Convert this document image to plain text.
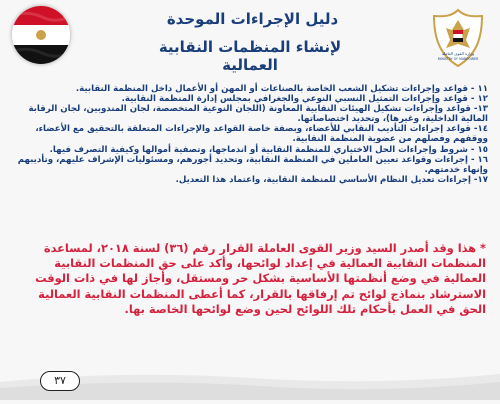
دليل الإجراءات الموحدة
لإنشاء المنظمات النقابية العمالية
وزارة القوى العاملة
MINISTRY OF MANPOWER

١١ - قواعد وإجراءات تشكيل الشعب الخاصة بالصناعات أو المهن أو الأعمال داخل المنظمة النقابية.

١٢ - قواعد وإجراءات التمثيل النسبي النوعي والجغرافي بمجلس إدارة المنظمة النقابية.

١٣- قواعد وإجراءات تشكيل الهيئات النقابية المعاونة (اللجان النوعية المتخصصة، لجان المندوبين، لجان الرقابة المالية الداخلية، وغيرها)، وتحديد اختصاصاتها.

١٤- قواعد إجراءات التأديب النقابي للأعضاء، وبصفة خاصة القواعد والإجراءات المتعلقة بالتحقيق مع الأعضاء، ووقفهم وفصلهم من عضوية المنظمة النقابية.

١٥ - شروط وإجراءات الحل الاختياري للمنظمة النقابية أو اندماجها، وتصفية أموالها وكيفية التصرف فيها.

١٦ - إجراءات وقواعد تعيين العاملين في المنظمة النقابية، وتحديد أجورهم، ومسئوليات الإشراف عليهم، وتأديبهم وإنهاء خدمتهم.

١٧- إجراءات تعديل النظام الأساسي للمنظمة النقابية، واعتماد هذا التعديل.

* هذا وقد أصدر السيد وزير القوى العاملة القرار رقم (٣٦) لسنة ٢٠١٨، لمساعدة المنظمات النقابية العمالية في إعداد لوائحها، وأكد على حق المنظمات النقابية العمالية في وضع أنظمتها الأساسية بشكل حر ومستقل، وأجاز لها في ذات الوقت الاسترشاد بنماذج لوائح تم إرفاقها بالقرار، كما أعطى المنظمات النقابية العمالية الحق في العمل بأحكام تلك اللوائح لحين وضع لوائحها الخاصة بها.
٣٧
